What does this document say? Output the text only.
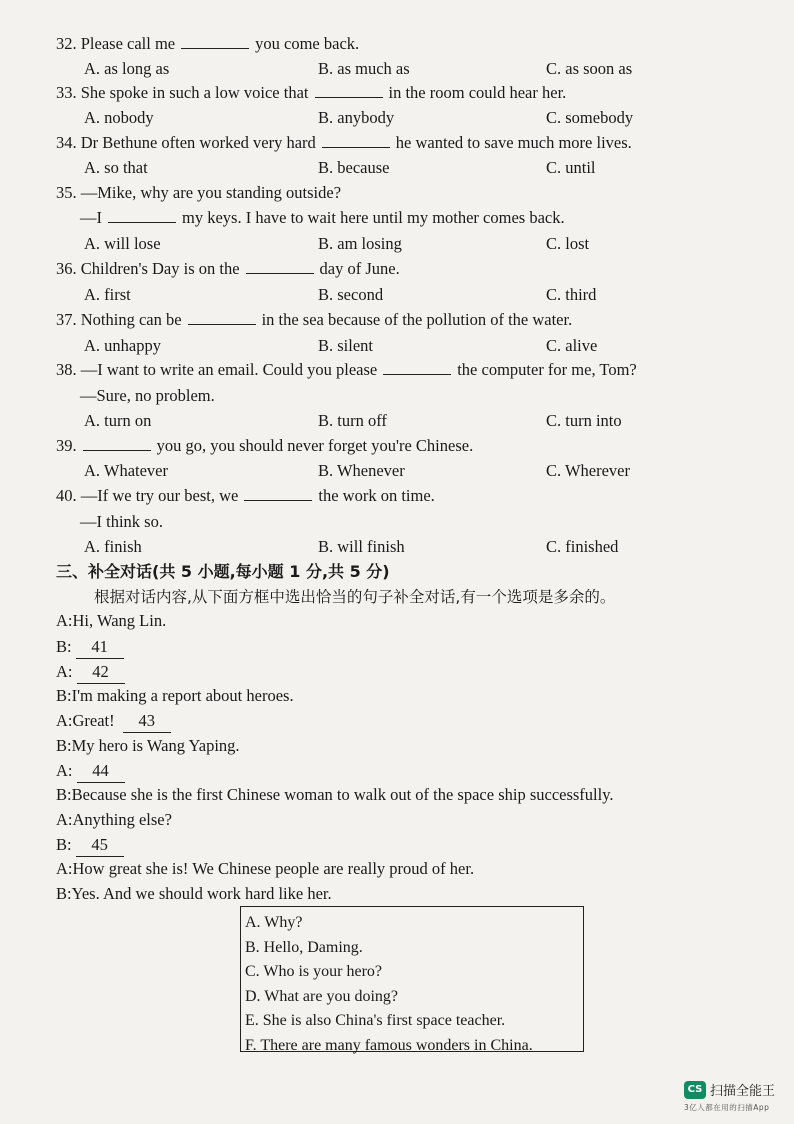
32. Please call me	you come back.
A. as long as	B. as much as	C. as soon as
33. She spoke in such a low voice that	in the room could hear her.
A. nobody	B. anybody	C. somebody
34. Dr Bethune often worked very hard	he wanted to save much more lives.
A. so that	B. because	C. until
35. —Mike, why are you standing outside?
—I	my keys. I have to wait here until my mother comes back.
A. will lose	B. am losing	C. lost
36. Children's Day is on the	day of June.
A. first	B. second	C. third
37. Nothing can be	in the sea because of the pollution of the water.
A. unhappy	B. silent	C. alive
38. —I want to write an email. Could you please	the computer for me, Tom?
—Sure, no problem.
A. turn on	B. turn off	C. turn into
39.	you go, you should never forget you're Chinese.
A. Whatever	B. Whenever	C. Wherever
40. —If we try our best, we	the work on time.
—I think so.
A. finish	B. will finish	C. finished
三、补全对话(共 5 小题,每小题 1 分,共 5 分)
根据对话内容,从下面方框中选出恰当的句子补全对话,有一个选项是多余的。
A:Hi, Wang Lin.
B: 41
A: 42
B:I'm making a report about heroes.
A:Great! 43
B:My hero is Wang Yaping.
A: 44
B:Because she is the first Chinese woman to walk out of the space ship successfully.
A:Anything else?
B: 45
A:How great she is! We Chinese people are really proud of her.
B:Yes. And we should work hard like her.
A. Why?
B. Hello, Daming.
C. Who is your hero?
D. What are you doing?
E. She is also China's first space teacher.
F. There are many famous wonders in China.
CS 扫描全能王
3亿人都在用的扫描App
